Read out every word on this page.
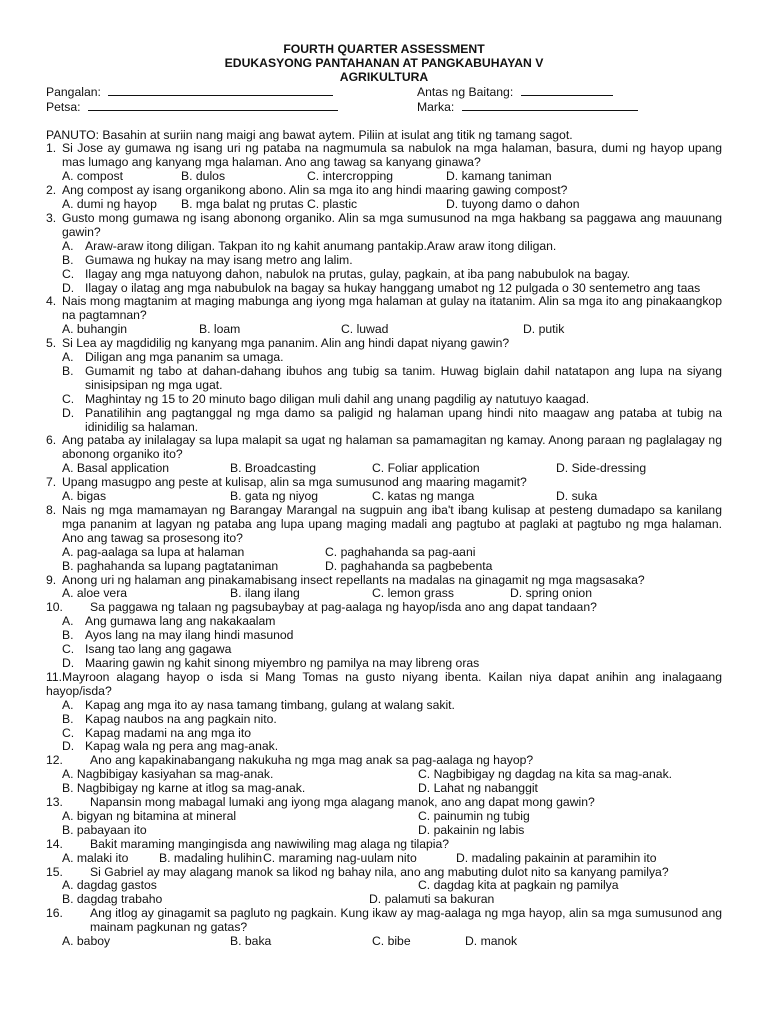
FOURTH QUARTER ASSESSMENT
EDUKASYONG PANTAHANAN AT PANGKABUHAYAN V
AGRIKULTURA
Pangalan:	Antas ng Baitang:
Petsa:	Marka:
PANUTO: Basahin at suriin nang maigi ang bawat aytem. Piliin at isulat ang titik ng tamang sagot.
1. Si Jose ay gumawa ng isang uri ng pataba na nagmumula sa nabulok na mga halaman, basura, dumi ng hayop upang mas lumago ang kanyang mga halaman. Ano ang tawag sa kanyang ginawa?
A. compost	B. dulos	C. intercropping	D. kamang taniman
2. Ang compost ay isang organikong abono. Alin sa mga ito ang hindi maaring gawing compost?
A. dumi ng hayop	B. mga balat ng prutas C. plastic	D. tuyong damo o dahon
3. Gusto mong gumawa ng isang abonong organiko. Alin sa mga sumusunod na mga hakbang sa paggawa ang mauunang gawin?
A. Araw-araw itong diligan. Takpan ito ng kahit anumang pantakip.Araw araw itong diligan.
B. Gumawa ng hukay na may isang metro ang lalim.
C. Ilagay ang mga natuyong dahon, nabulok na prutas, gulay, pagkain, at iba pang nabubulok na bagay.
D. Ilagay o ilatag ang mga nabubulok na bagay sa hukay hanggang umabot ng 12 pulgada o 30 sentemetro ang taas
4. Nais mong magtanim at maging mabunga ang iyong mga halaman at gulay na itatanim. Alin sa mga ito ang pinakaangkop na pagtamnan?
A. buhangin	B. loam	C. luwad	D. putik
5. Si Lea ay magdidilig ng kanyang mga pananim. Alin ang hindi dapat niyang gawin?
A. Diligan ang mga pananim sa umaga.
B. Gumamit ng tabo at dahan-dahang ibuhos ang tubig sa tanim. Huwag biglain dahil natatapon ang lupa na siyang sinisipsipan ng mga ugat.
C. Maghintay ng 15 to 20 minuto bago diligan muli dahil ang unang pagdilig ay natutuyo kaagad.
D. Panatilihin ang pagtanggal ng mga damo sa paligid ng halaman upang hindi nito maagaw ang pataba at tubig na idinidilig sa halaman.
6. Ang pataba ay inilalagay sa lupa malapit sa ugat ng halaman sa pamamagitan ng kamay. Anong paraan ng paglalagay ng abonong organiko ito?
A. Basal application	B. Broadcasting	C. Foliar application	D. Side-dressing
7. Upang masugpo ang peste at kulisap, alin sa mga sumusunod ang maaring magamit?
A. bigas	B. gata ng niyog	C. katas ng manga	D. suka
8. Nais ng mga mamamayan ng Barangay Marangal na sugpuin ang iba't ibang kulisap at pesteng dumadapo sa kanilang mga pananim at lagyan ng pataba ang lupa upang maging madali ang pagtubo at paglaki at pagtubo ng mga halaman. Ano ang tawag sa prosesong ito?
A. pag-aalaga sa lupa at halaman	C. paghahanda sa pag-aani
B. paghahanda sa lupang pagtataniman	D. paghahanda sa pagbebenta
9. Anong uri ng halaman ang pinakamabisang insect repellants na madalas na ginagamit ng mga magsasaka?
A. aloe vera	B. ilang ilang	C. lemon grass	D. spring onion
10.	Sa paggawa ng talaan ng pagsubaybay at pag-aalaga ng hayop/isda ano ang dapat tandaan?
A. Ang gumawa lang ang nakakaalam
B. Ayos lang na may ilang hindi masunod
C. Isang tao lang ang gagawa
D. Maaring gawin ng kahit sinong miyembro ng pamilya na may libreng oras
11.Mayroon alagang hayop o isda si Mang Tomas na gusto niyang ibenta. Kailan niya dapat anihin ang inalagaang hayop/isda?
A. Kapag ang mga ito ay nasa tamang timbang, gulang at walang sakit.
B. Kapag naubos na ang pagkain nito.
C. Kapag madami na ang mga ito
D. Kapag wala ng pera ang mag-anak.
12.	Ano ang kapakinabangang nakukuha ng mga mag anak sa pag-aalaga ng hayop?
A. Nagbibigay kasiyahan sa mag-anak.	C. Nagbibigay ng dagdag na kita sa mag-anak.
B. Nagbibigay ng karne at itlog sa mag-anak.	D. Lahat ng nabanggit
13.	Napansin mong mabagal lumaki ang iyong mga alagang manok, ano ang dapat mong gawin?
A. bigyan ng bitamina at mineral	C. painumin ng tubig
B. pabayaan ito	D. pakainin ng labis
14.	Bakit maraming mangingisda ang nawiwiling mag alaga ng tilapia?
A. malaki ito	B. madaling hulihin C. maraming nag-uulam nito	D. madaling pakainin at paramihin ito
15.	Si Gabriel ay may alagang manok sa likod ng bahay nila, ano ang mabuting dulot nito sa kanyang pamilya?
A. dagdag gastos	C. dagdag kita at pagkain ng pamilya
B. dagdag trabaho	D. palamuti sa bakuran
16.	Ang itlog ay ginagamit sa pagluto ng pagkain. Kung ikaw ay mag-aalaga ng mga hayop, alin sa mga sumusunod ang mainam pagkunan ng gatas?
A. baboy	B. baka	C. bibe	D. manok
